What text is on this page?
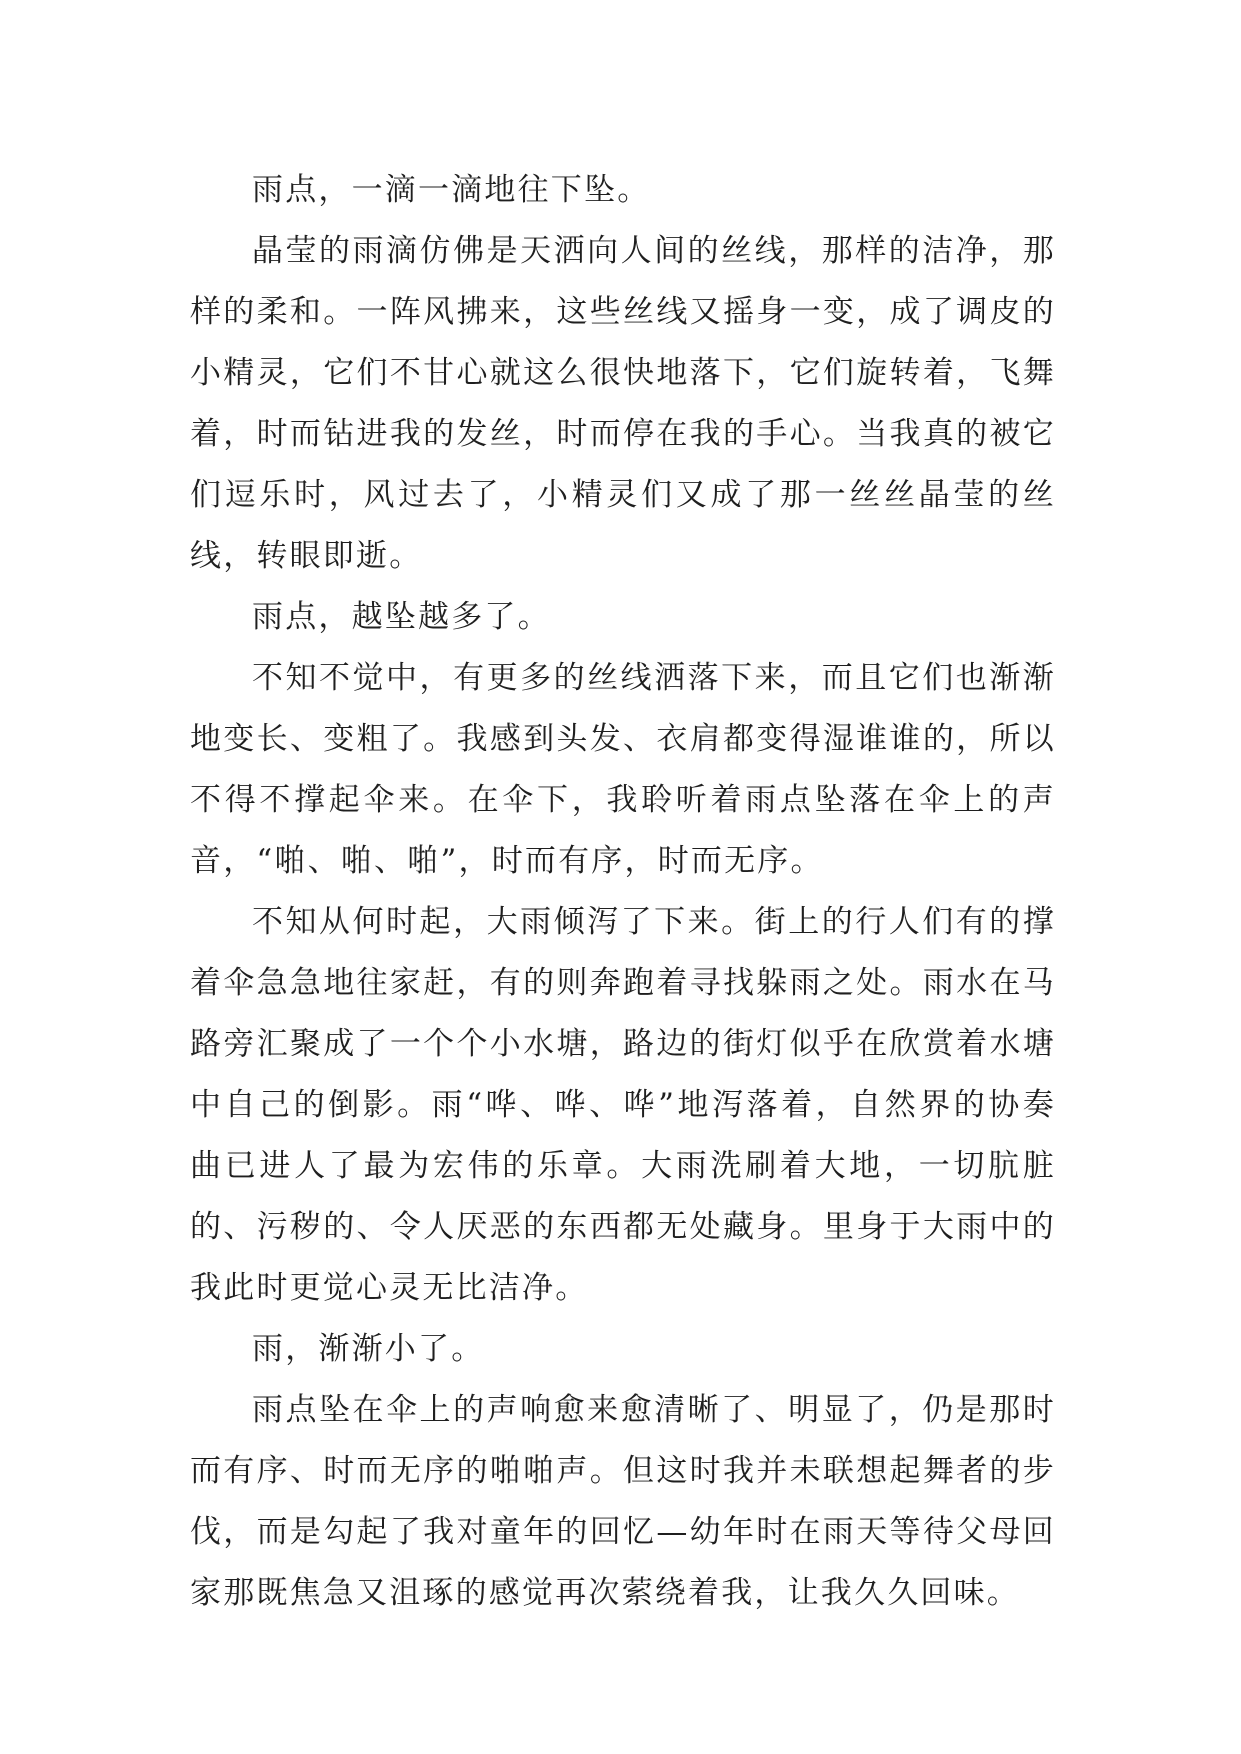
雨点，一滴一滴地往下坠。

晶莹的雨滴仿佛是天洒向人间的丝线，那样的洁净，那样的柔和。一阵风拂来，这些丝线又摇身一变，成了调皮的小精灵，它们不甘心就这么很快地落下，它们旋转着，飞舞着，时而钻进我的发丝，时而停在我的手心。当我真的被它们逗乐时，风过去了，小精灵们又成了那一丝丝晶莹的丝线，转眼即逝。

雨点，越坠越多了。

不知不觉中，有更多的丝线洒落下来，而且它们也渐渐地变长、变粗了。我感到头发、衣肩都变得湿谁谁的，所以不得不撑起伞来。在伞下，我聆听着雨点坠落在伞上的声音，“啪、啪、啪”，时而有序，时而无序。

不知从何时起，大雨倾泻了下来。街上的行人们有的撑着伞急急地往家赶，有的则奔跑着寻找躲雨之处。雨水在马路旁汇聚成了一个个小水塘，路边的街灯似乎在欣赏着水塘中自己的倒影。雨“哗、哗、哗”地泻落着，自然界的协奏曲已进人了最为宏伟的乐章。大雨洗刷着大地，一切肮脏的、污秽的、令人厌恶的东西都无处藏身。里身于大雨中的我此时更觉心灵无比洁净。

雨，渐渐小了。

雨点坠在伞上的声响愈来愈清晰了、明显了，仍是那时而有序、时而无序的啪啪声。但这时我并未联想起舞者的步伐，而是勾起了我对童年的回忆—幼年时在雨天等待父母回家那既焦急又沮琢的感觉再次萦绕着我，让我久久回味。
